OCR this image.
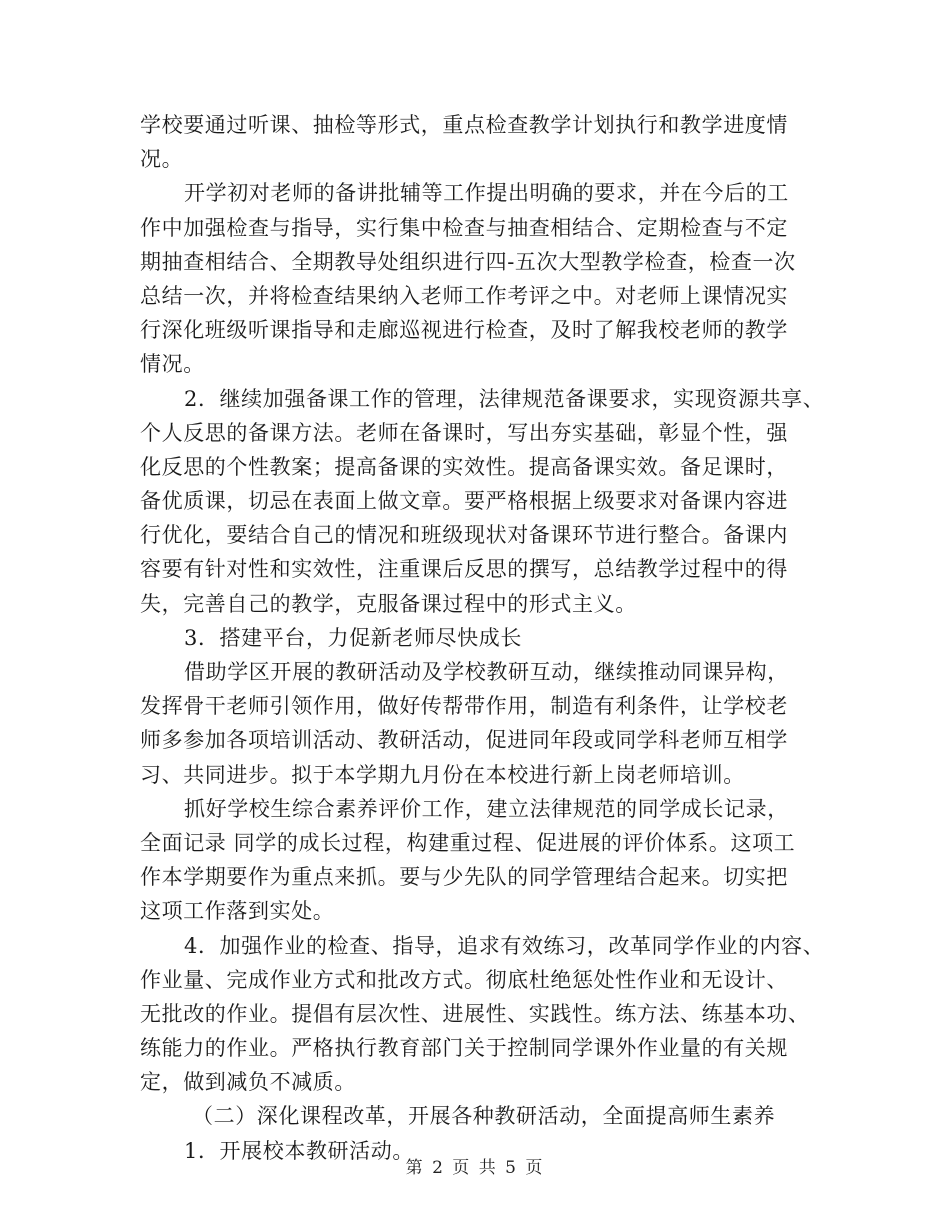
学校要通过听课、抽检等形式，重点检查教学计划执行和教学进度情
况。
开学初对老师的备讲批辅等工作提出明确的要求，并在今后的工
作中加强检查与指导，实行集中检查与抽查相结合、定期检查与不定
期抽查相结合、全期教导处组织进行四-五次大型教学检查，检查一次
总结一次，并将检查结果纳入老师工作考评之中。对老师上课情况实
行深化班级听课指导和走廊巡视进行检查，及时了解我校老师的教学
情况。
2．继续加强备课工作的管理，法律规范备课要求，实现资源共享、
个人反思的备课方法。老师在备课时，写出夯实基础，彰显个性，强
化反思的个性教案；提高备课的实效性。提高备课实效。备足课时，
备优质课，切忌在表面上做文章。要严格根据上级要求对备课内容进
行优化，要结合自己的情况和班级现状对备课环节进行整合。备课内
容要有针对性和实效性，注重课后反思的撰写，总结教学过程中的得
失，完善自己的教学，克服备课过程中的形式主义。
3．搭建平台，力促新老师尽快成长
借助学区开展的教研活动及学校教研互动，继续推动同课异构，
发挥骨干老师引领作用，做好传帮带作用，制造有利条件，让学校老
师多参加各项培训活动、教研活动，促进同年段或同学科老师互相学
习、共同进步。拟于本学期九月份在本校进行新上岗老师培训。
抓好学校生综合素养评价工作，建立法律规范的同学成长记录，
全面记录 同学的成长过程，构建重过程、促进展的评价体系。这项工
作本学期要作为重点来抓。要与少先队的同学管理结合起来。切实把
这项工作落到实处。
4．加强作业的检查、指导，追求有效练习，改革同学作业的内容、
作业量、完成作业方式和批改方式。彻底杜绝惩处性作业和无设计、
无批改的作业。提倡有层次性、进展性、实践性。练方法、练基本功、
练能力的作业。严格执行教育部门关于控制同学课外作业量的有关规
定，做到减负不减质。
（二）深化课程改革，开展各种教研活动，全面提高师生素养
1．开展校本教研活动。
第 2 页 共 5 页
